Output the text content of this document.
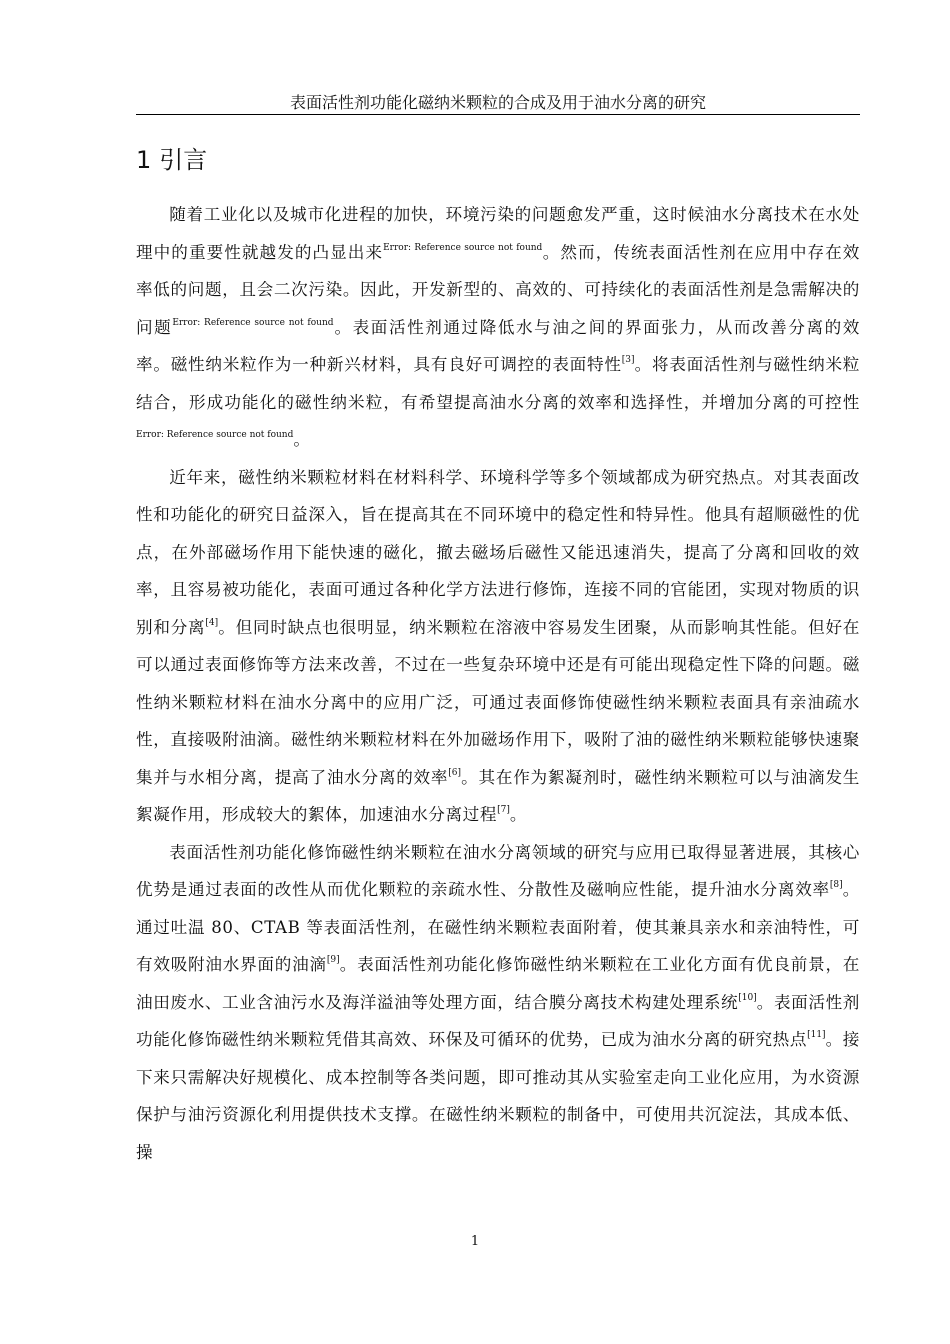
表面活性剂功能化磁纳米颗粒的合成及用于油水分离的研究
1 引言

随着工业化以及城市化进程的加快，环境污染的问题愈发严重，这时候油水分离技术在水处理中的重要性就越发的凸显出来$^{Error: Reference source not found}$。然而，传统表面活性剂在应用中存在效率低的问题，且会二次污染。因此，开发新型的、高效的、可持续化的表面活性剂是急需解决的问题$^{Error: Reference source not found}$。表面活性剂通过降低水与油之间的界面张力，从而改善分离的效率。磁性纳米粒作为一种新兴材料，具有良好可调控的表面特性[3]。将表面活性剂与磁性纳米粒结合，形成功能化的磁性纳米粒，有希望提高油水分离的效率和选择性，并增加分离的可控性$^{Error: Reference source not found}$。

近年来，磁性纳米颗粒材料在材料科学、环境科学等多个领域都成为研究热点。对其表面改性和功能化的研究日益深入，旨在提高其在不同环境中的稳定性和特异性。他具有超顺磁性的优点，在外部磁场作用下能快速的磁化，撤去磁场后磁性又能迅速消失，提高了分离和回收的效率，且容易被功能化，表面可通过各种化学方法进行修饰，连接不同的官能团，实现对物质的识别和分离[4]。但同时缺点也很明显，纳米颗粒在溶液中容易发生团聚，从而影响其性能。但好在可以通过表面修饰等方法来改善，不过在一些复杂环境中还是有可能出现稳定性下降的问题。磁性纳米颗粒材料在油水分离中的应用广泛，可通过表面修饰使磁性纳米颗粒表面具有亲油疏水性，直接吸附油滴。磁性纳米颗粒材料在外加磁场作用下，吸附了油的磁性纳米颗粒能够快速聚集并与水相分离，提高了油水分离的效率[6]。其在作为絮凝剂时，磁性纳米颗粒可以与油滴发生絮凝作用，形成较大的絮体，加速油水分离过程[7]。

表面活性剂功能化修饰磁性纳米颗粒在油水分离领域的研究与应用已取得显著进展，其核心优势是通过表面的改性从而优化颗粒的亲疏水性、分散性及磁响应性能，提升油水分离效率[8]。通过吐温 80、CTAB 等表面活性剂，在磁性纳米颗粒表面附着，使其兼具亲水和亲油特性，可有效吸附油水界面的油滴[9]。表面活性剂功能化修饰磁性纳米颗粒在工业化方面有优良前景，在油田废水、工业含油污水及海洋溢油等处理方面，结合膜分离技术构建处理系统[10]。表面活性剂功能化修饰磁性纳米颗粒凭借其高效、环保及可循环的优势，已成为油水分离的研究热点[11]。接下来只需解决好规模化、成本控制等各类问题，即可推动其从实验室走向工业化应用，为水资源保护与油污资源化利用提供技术支撑。在磁性纳米颗粒的制备中，可使用共沉淀法，其成本低、操

1
